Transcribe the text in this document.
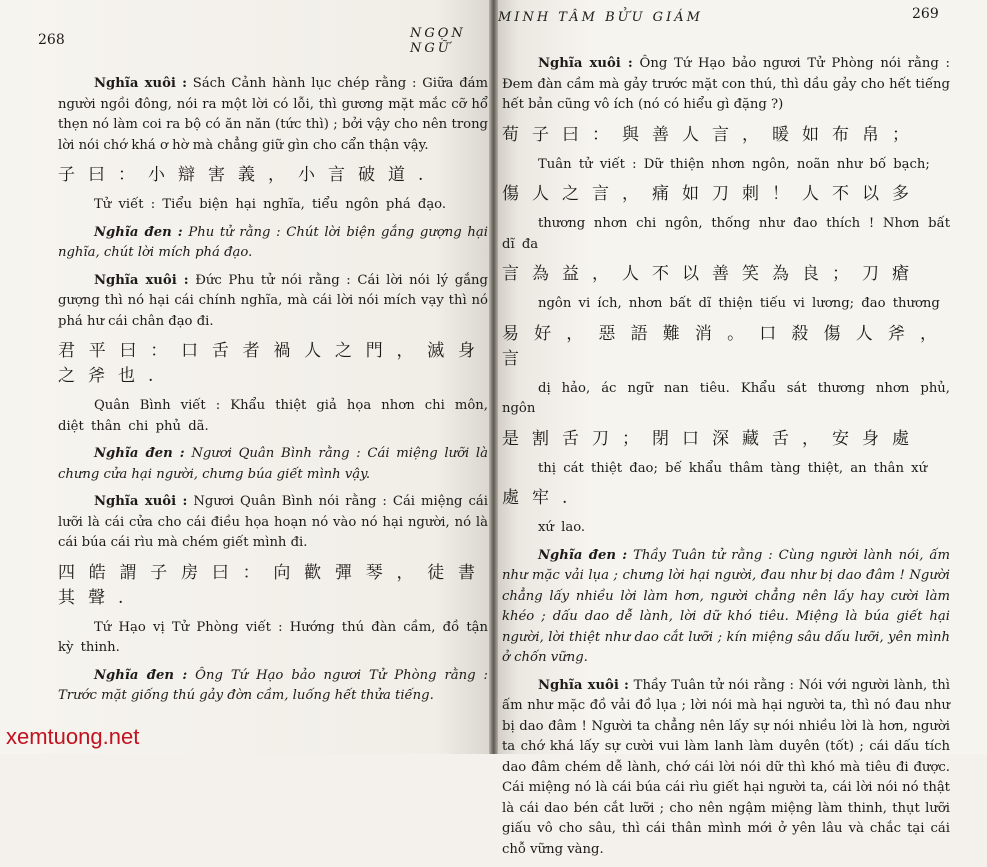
268	NGỌN NGỮ

Nghĩa xuôi : Sách Cảnh hành lục chép rằng : Giữa đám người ngồi đông, nói ra một lời có lỗi, thì gương mặt mắc cỡ hổ thẹn nó làm coi ra bộ có ăn năn (tức thì) ; bởi vậy cho nên trong lời nói chớ khá ơ hờ mà chẳng giữ gìn cho cẩn thận vậy.

子曰：小辯害義，小言破道.

Tử viết : Tiểu biện hại nghĩa, tiểu ngôn phá đạo.

Nghĩa đen : Phu tử rằng : Chút lời biện gắng gượng hại nghĩa, chút lời mích phá đạo.

Nghĩa xuôi : Đức Phu tử nói rằng : Cái lời nói lý gắng gượng thì nó hại cái chính nghĩa, mà cái lời nói mích vạy thì nó phá hư cái chân đạo đi.

君平曰：口舌者禍人之門，滅身之斧也.

Quân Bình viết : Khẩu thiệt giả họa nhơn chi môn, diệt thân chi phủ dã.

Nghĩa đen : Ngươi Quân Bình rằng : Cái miệng lưỡi là chưng cửa hại người, chưng búa giết mình vậy.

Nghĩa xuôi : Ngươi Quân Bình nói rằng : Cái miệng cái lưỡi là cái cửa cho cái điều họa hoạn nó vào nó hại người, nó là cái búa cái rìu mà chém giết mình đi.

四皓謂子房曰：向歡彈琴，徒書其聲.

Tứ Hạo vị Tử Phòng viết : Hướng thú đàn cầm, đồ tận kỳ thinh.

Nghĩa đen : Ông Tứ Hạo bảo ngươi Tử Phòng rằng : Trước mặt giống thú gảy đờn cầm, luống hết thửa tiếng.

MINH TÂM BỬU GIÁM	269

Nghĩa xuôi : Ông Tứ Hạo bảo ngươi Tử Phòng nói rằng : Đem đàn cầm mà gảy trước mặt con thú, thì dầu gảy cho hết tiếng hết bản cũng vô ích (nó có hiểu gì đặng ?)

荀子曰：與善人言，暖如布帛；

Tuân tử viết : Dữ thiện nhơn ngôn, noãn như bố bạch;

傷人之言，痛如刀刺！人不以多

thương nhơn chi ngôn, thống như đao thích ! Nhơn bất dĩ đa

言為益，人不以善笑為良；刀瘡

ngôn vi ích, nhơn bất dĩ thiện tiếu vi lương; đao thương

易好，惡語難消。口殺傷人斧，言

dị hảo, ác ngữ nan tiêu. Khẩu sát thương nhơn phủ, ngôn

是割舌刀；閉口深藏舌，安身處

thị cát thiệt đao; bế khẩu thâm tàng thiệt, an thân xứ

處牢.

xứ lao.

Nghĩa đen : Thầy Tuân tử rằng : Cùng người lành nói, ấm như mặc vải lụa ; chưng lời hại người, đau như bị dao đâm ! Người chẳng lấy nhiều lời làm hơn, người chẳng nên lấy hay cười làm khéo ; dấu dao dễ lành, lời dữ khó tiêu. Miệng là búa giết hại người, lời thiệt như dao cắt lưỡi ; kín miệng sâu dấu lưỡi, yên mình ở chốn vững.

Nghĩa xuôi : Thầy Tuân tử nói rằng : Nói với người lành, thì ấm như mặc đồ vải đồ lụa ; lời nói mà hại người ta, thì nó đau như bị dao đâm ! Người ta chẳng nên lấy sự nói nhiều lời là hơn, người ta chớ khá lấy sự cười vui làm lanh làm duyên (tốt) ; cái dấu tích dao đâm chém dễ lành, chớ cái lời nói dữ thì khó mà tiêu đi được. Cái miệng nó là cái búa cái rìu giết hại người ta, cái lời nói nó thật là cái dao bén cắt lưỡi ; cho nên ngậm miệng làm thinh, thụt lưỡi giấu vô cho sâu, thì cái thân mình mới ở yên lâu và chắc tại cái chỗ vững vàng.

xemtuong.net
